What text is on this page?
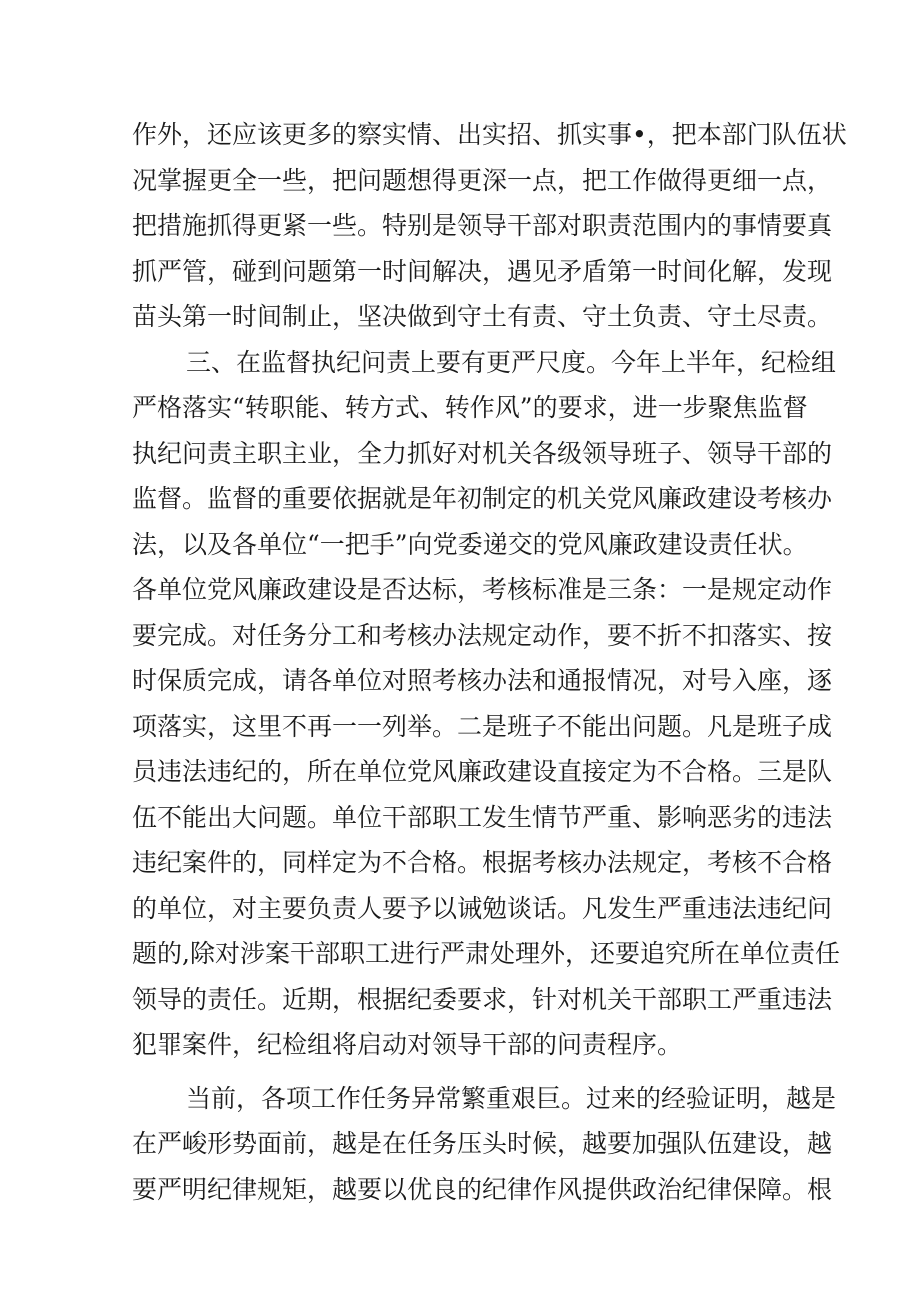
作外，还应该更多的察实情、出实招、抓实事•，把本部门队伍状
况掌握更全一些，把问题想得更深一点，把工作做得更细一点，
把措施抓得更紧一些。特别是领导干部对职责范围内的事情要真
抓严管，碰到问题第一时间解决，遇见矛盾第一时间化解，发现
苗头第一时间制止，坚决做到守土有责、守土负责、守土尽责。
三、在监督执纪问责上要有更严尺度。今年上半年，纪检组
严格落实“转职能、转方式、转作风”的要求，进一步聚焦监督
执纪问责主职主业，全力抓好对机关各级领导班子、领导干部的
监督。监督的重要依据就是年初制定的机关党风廉政建设考核办
法，以及各单位“一把手”向党委递交的党风廉政建设责任状。
各单位党风廉政建设是否达标，考核标准是三条：一是规定动作
要完成。对任务分工和考核办法规定动作，要不折不扣落实、按
时保质完成，请各单位对照考核办法和通报情况，对号入座，逐
项落实，这里不再一一列举。二是班子不能出问题。凡是班子成
员违法违纪的，所在单位党风廉政建设直接定为不合格。三是队
伍不能出大问题。单位干部职工发生情节严重、影响恶劣的违法
违纪案件的，同样定为不合格。根据考核办法规定，考核不合格
的单位，对主要负责人要予以诫勉谈话。凡发生严重违法违纪问
题的,除对涉案干部职工进行严肃处理外，还要追究所在单位责任
领导的责任。近期，根据纪委要求，针对机关干部职工严重违法
犯罪案件，纪检组将启动对领导干部的问责程序。
当前，各项工作任务异常繁重艰巨。过来的经验证明，越是
在严峻形势面前，越是在任务压头时候，越要加强队伍建设，越
要严明纪律规矩，越要以优良的纪律作风提供政治纪律保障。根
